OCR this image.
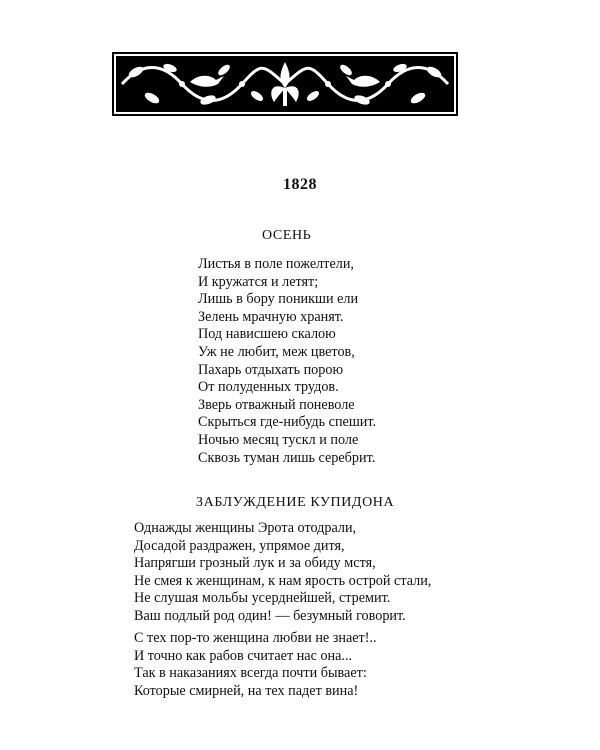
1828
ОСЕНЬ
Листья в поле пожелтели,
И кружатся и летят;
Лишь в бору поникши ели
Зелень мрачную хранят.
Под нависшею скалою
Уж не любит, меж цветов,
Пахарь отдыхать порою
От полуденных трудов.
Зверь отважный поневоле
Скрыться где-нибудь спешит.
Ночью месяц тускл и поле
Сквозь туман лишь серебрит.
ЗАБЛУЖДЕНИЕ КУПИДОНА
Однажды женщины Эрота отодрали,
Досадой раздражен, упрямое дитя,
Напрягши грозный лук и за обиду мстя,
Не смея к женщинам, к нам ярость острой стали,
Не слушая мольбы усерднейшей, стремит.
Ваш подлый род один! — безумный говорит.
С тех пор-то женщина любви не знает!..
И точно как рабов считает нас она...
Так в наказаниях всегда почти бывает:
Которые смирней, на тех падет вина!
